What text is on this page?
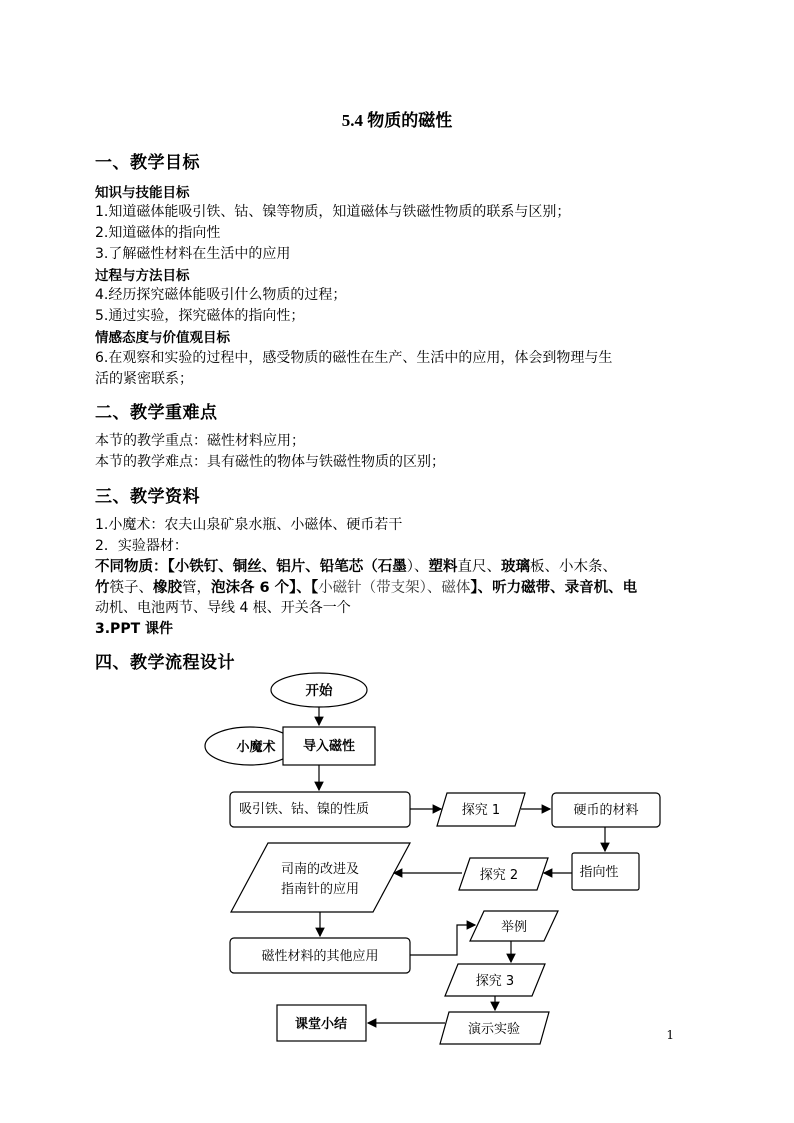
5.4 物质的磁性
一、教学目标
知识与技能目标
1.知道磁体能吸引铁、钴、镍等物质，知道磁体与铁磁性物质的联系与区别；
2.知道磁体的指向性
3.了解磁性材料在生活中的应用
过程与方法目标
4.经历探究磁体能吸引什么物质的过程；
5.通过实验，探究磁体的指向性；
情感态度与价值观目标
6.在观察和实验的过程中，感受物质的磁性在生产、生活中的应用，体会到物理与生
活的紧密联系；
二、教学重难点
本节的教学重点：磁性材料应用；
本节的教学难点：具有磁性的物体与铁磁性物质的区别；
三、教学资料
1.小魔术：农夫山泉矿泉水瓶、小磁体、硬币若干
2．实验器材：
不同物质：【小铁钉、铜丝、铝片、铅笔芯（石墨）、塑料直尺、玻璃板、小木条、
竹筷子、橡胶管，泡沫各 6 个】、【小磁针（带支架）、磁体】、听力磁带、录音机、电
动机、电池两节、导线 4 根、开关各一个
3.PPT 课件
四、教学流程设计
开始
小魔术 导入磁性
吸引铁、钴、镍的性质	探究 1	硬币的材料
指向性
探究 2
司南的改进及
指南针的应用
磁性材料的其他应用
举例
探究 3
演示实验
课堂小结
1
